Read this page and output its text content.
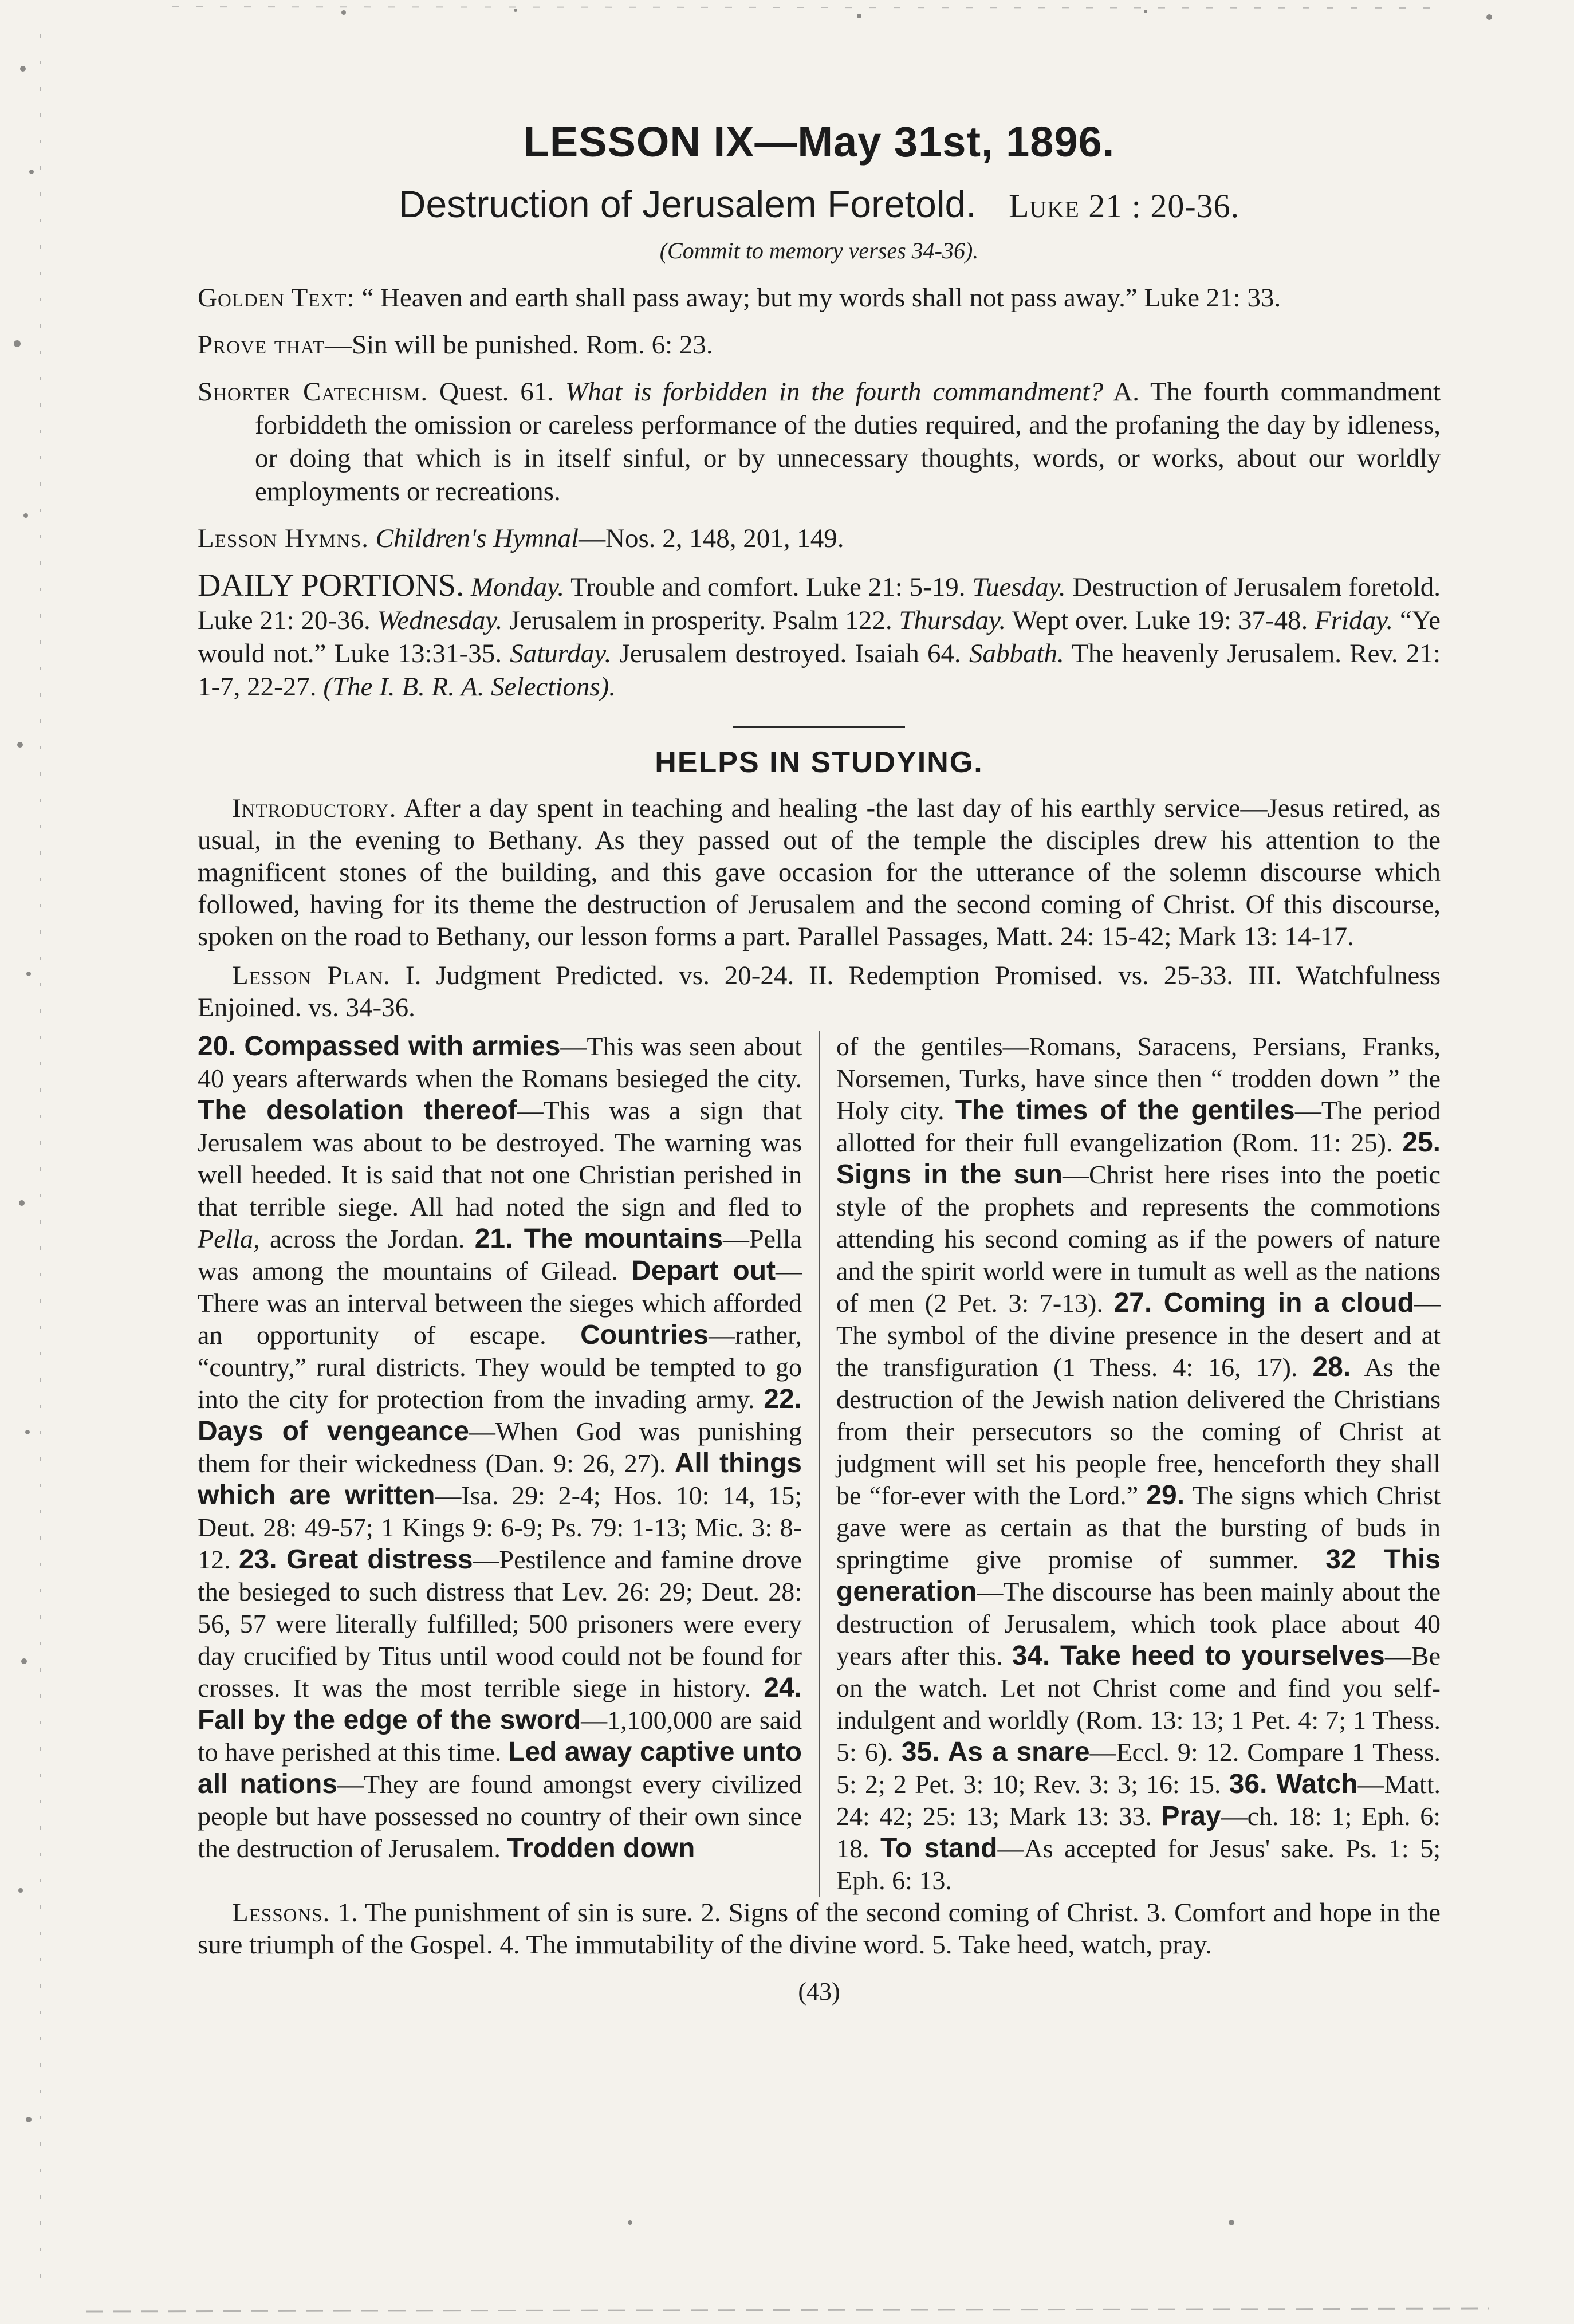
LESSON IX—May 31st, 1896.
Destruction of Jerusalem Foretold. Luke 21 : 20-36.
(Commit to memory verses 34-36).

Golden Text: “ Heaven and earth shall pass away; but my words shall not pass away.” Luke 21: 33.

Prove that—Sin will be punished. Rom. 6: 23.

Shorter Catechism. Quest. 61. What is forbidden in the fourth commandment? A. The fourth commandment forbiddeth the omission or careless performance of the duties required, and the profaning the day by idleness, or doing that which is in itself sinful, or by unnecessary thoughts, words, or works, about our worldly employments or recreations.

Lesson Hymns. Children's Hymnal—Nos. 2, 148, 201, 149.

DAILY PORTIONS. Monday. Trouble and comfort. Luke 21: 5-19. Tuesday. Destruction of Jerusalem foretold. Luke 21: 20-36. Wednesday. Jerusalem in prosperity. Psalm 122. Thursday. Wept over. Luke 19: 37-48. Friday. “Ye would not.” Luke 13:31-35. Saturday. Jerusalem destroyed. Isaiah 64. Sabbath. The heavenly Jerusalem. Rev. 21: 1-7, 22-27. (The I. B. R. A. Selections).

HELPS IN STUDYING.

Introductory. After a day spent in teaching and healing -the last day of his earthly service—Jesus retired, as usual, in the evening to Bethany. As they passed out of the temple the disciples drew his attention to the magnificent stones of the building, and this gave occasion for the utterance of the solemn discourse which followed, having for its theme the destruction of Jerusalem and the second coming of Christ. Of this discourse, spoken on the road to Bethany, our lesson forms a part. Parallel Passages, Matt. 24: 15-42; Mark 13: 14-17.

Lesson Plan. I. Judgment Predicted. vs. 20-24. II. Redemption Promised. vs. 25-33. III. Watchfulness Enjoined. vs. 34-36.

20. Compassed with armies—This was seen about 40 years afterwards when the Romans besieged the city. The desolation thereof—This was a sign that Jerusalem was about to be destroyed. The warning was well heeded. It is said that not one Christian perished in that terrible siege. All had noted the sign and fled to Pella, across the Jordan. 21. The mountains—Pella was among the mountains of Gilead. Depart out—There was an interval between the sieges which afforded an opportunity of escape. Countries—rather, “country,” rural districts. They would be tempted to go into the city for protection from the invading army. 22. Days of vengeance—When God was punishing them for their wickedness (Dan. 9: 26, 27). All things which are written—Isa. 29: 2-4; Hos. 10: 14, 15; Deut. 28: 49-57; 1 Kings 9: 6-9; Ps. 79: 1-13; Mic. 3: 8-12. 23. Great distress—Pestilence and famine drove the besieged to such distress that Lev. 26: 29; Deut. 28: 56, 57 were literally fulfilled; 500 prisoners were every day crucified by Titus until wood could not be found for crosses. It was the most terrible siege in history. 24. Fall by the edge of the sword—1,100,000 are said to have perished at this time. Led away captive unto all nations—They are found amongst every civilized people but have possessed no country of their own since the destruction of Jerusalem. Trodden down
of the gentiles—Romans, Saracens, Persians, Franks, Norsemen, Turks, have since then “ trodden down ” the Holy city. The times of the gentiles—The period allotted for their full evangelization (Rom. 11: 25). 25. Signs in the sun—Christ here rises into the poetic style of the prophets and represents the commotions attending his second coming as if the powers of nature and the spirit world were in tumult as well as the nations of men (2 Pet. 3: 7-13). 27. Coming in a cloud—The symbol of the divine presence in the desert and at the transfiguration (1 Thess. 4: 16, 17). 28. As the destruction of the Jewish nation delivered the Christians from their persecutors so the coming of Christ at judgment will set his people free, henceforth they shall be “for-ever with the Lord.” 29. The signs which Christ gave were as certain as that the bursting of buds in springtime give promise of summer. 32 This generation—The discourse has been mainly about the destruction of Jerusalem, which took place about 40 years after this. 34. Take heed to yourselves—Be on the watch. Let not Christ come and find you self-indulgent and worldly (Rom. 13: 13; 1 Pet. 4: 7; 1 Thess. 5: 6). 35. As a snare—Eccl. 9: 12. Compare 1 Thess. 5: 2; 2 Pet. 3: 10; Rev. 3: 3; 16: 15. 36. Watch—Matt. 24: 42; 25: 13; Mark 13: 33. Pray—ch. 18: 1; Eph. 6: 18. To stand—As accepted for Jesus' sake. Ps. 1: 5; Eph. 6: 13.

Lessons. 1. The punishment of sin is sure. 2. Signs of the second coming of Christ. 3. Comfort and hope in the sure triumph of the Gospel. 4. The immutability of the divine word. 5. Take heed, watch, pray.

(43)
